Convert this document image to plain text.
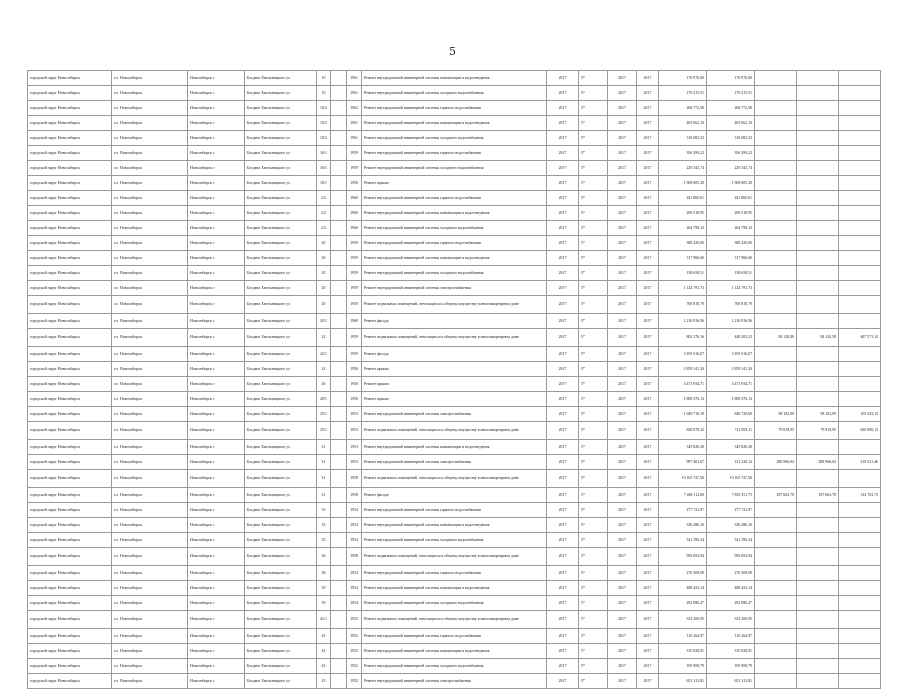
5
городской округ Новосибирск	г.о. Новосибирск	Новосибирск г	Богдана Хмельницкого ул	10		1961	Ремонт внутридомовой инженерной системы канализации и водоотведения	2017	5*	2017	2017	176 976,00	176 976,00			
городской округ Новосибирск	г.о. Новосибирск	Новосибирск г	Богдана Хмельницкого ул	10		1961	Ремонт внутридомовой инженерной системы холодного водоснабжения	2017	5*	2017	2017	170 215,51	170 215,51			
городской округ Новосибирск	г.о. Новосибирск	Новосибирск г	Богдана Хмельницкого ул	10/2		1962	Ремонт внутридомовой инженерной системы горячего водоснабжения	2017	5*	2017	2017	206 772,58	206 772,58			
городской округ Новосибирск	г.о. Новосибирск	Новосибирск г	Богдана Хмельницкого ул	10/2		1961	Ремонт внутридомовой инженерной системы канализации и водоотведения	2017	5*	2017	2017	403 862,10	403 862,10			
городской округ Новосибирск	г.о. Новосибирск	Новосибирск г	Богдана Хмельницкого ул	10/2		1961	Ремонт внутридомовой инженерной системы холодного водоснабжения	2017	5*	2017	2017	318 883,33	318 883,33			
городской округ Новосибирск	г.о. Новосибирск	Новосибирск г	Богдана Хмельницкого ул	16/1		1959	Ремонт внутридомовой инженерной системы горячего водоснабжения	2017	5*	2017	2017	356 399,22	356 399,22			
городской округ Новосибирск	г.о. Новосибирск	Новосибирск г	Богдана Хмельницкого ул	16/1		1959	Ремонт внутридомовой инженерной системы холодного водоснабжения	2017	5*	2017	2017	229 345,74	229 345,74			
городской округ Новосибирск	г.о. Новосибирск	Новосибирск г	Богдана Хмельницкого ул	18/1		1956	Ремонт крыши	2017	5*	2017	2017	1 908 005,38	1 908 005,38			
городской округ Новосибирск	г.о. Новосибирск	Новосибирск г	Богдана Хмельницкого ул	2/2		1960	Ремонт внутридомовой инженерной системы горячего водоснабжения	2017	5*	2017	2017	241 860,61	241 860,61			
городской округ Новосибирск	г.о. Новосибирск	Новосибирск г	Богдана Хмельницкого ул	2/2		1960	Ремонт внутридомовой инженерной системы канализации и водоотведения	2017	5*	2017	2017	269 518,95	269 518,95			
городской округ Новосибирск	г.о. Новосибирск	Новосибирск г	Богдана Хмельницкого ул	2/2		1960	Ремонт внутридомовой инженерной системы холодного водоснабжения	2017	5*	2017	2017	264 798,13	264 798,13			
городской округ Новосибирск	г.о. Новосибирск	Новосибирск г	Богдана Хмельницкого ул	20		1959	Ремонт внутридомовой инженерной системы горячего водоснабжения	2017	5*	2017	2017	388 420,00	388 420,00			
городской округ Новосибирск	г.о. Новосибирск	Новосибирск г	Богдана Хмельницкого ул	20		1959	Ремонт внутридомовой инженерной системы канализации и водоотведения	2017	5*	2017	2017	317 966,60	317 966,60			
городской округ Новосибирск	г.о. Новосибирск	Новосибирск г	Богдана Хмельницкого ул	20		1959	Ремонт внутридомовой инженерной системы холодного водоснабжения	2017	5*	2017	2017	158 658,51	158 658,51			
городской округ Новосибирск	г.о. Новосибирск	Новосибирск г	Богдана Хмельницкого ул	20		1959	Ремонт внутридомовой инженерной системы электроснабжения	2017	5*	2017	2017	1 124 791,73	1 124 791,73			
городской округ Новосибирск	г.о. Новосибирск	Новосибирск г	Богдана Хмельницкого ул	20		1959	Ремонт подвальных помещений, относящихся к общему имуществу в многоквартирном доме	2017	5*	2017	2017	766 818,79	766 818,79			
городской округ Новосибирск	г.о. Новосибирск	Новосибирск г	Богдана Хмельницкого ул	20/1		1960	Ремонт фасада	2017	5*	2017	2017	1 216 916,96	1 216 916,96			
городской округ Новосибирск	г.о. Новосибирск	Новосибирск г	Богдана Хмельницкого ул	22		1959	Ремонт подвальных помещений, относящихся к общему имуществу в многоквартирном доме	2017	5*	2017	2017	802 376,16	448 205,22	84 120,80	84 120,58	607 573,14
городской округ Новосибирск	г.о. Новосибирск	Новосибирск г	Богдана Хмельницкого ул	22/1		1959	Ремонт фасада	2017	5*	2017	2017	3 195 016,07	3 195 016,07			
городской округ Новосибирск	г.о. Новосибирск	Новосибирск г	Богдана Хмельницкого ул	24		1956	Ремонт крыши	2017	5*	2017	2017	2 859 141,20	2 859 141,20			
городской округ Новосибирск	г.о. Новосибирск	Новосибирск г	Богдана Хмельницкого ул	26		1956	Ремонт крыши	2017	5*	2017	2017	3 473 934,71	3 473 934,71			
городской округ Новосибирск	г.о. Новосибирск	Новосибирск г	Богдана Хмельницкого ул	28/1		1956	Ремонт крыши	2017	5*	2017	2017	1 808 376,13	1 808 376,13			
городской округ Новосибирск	г.о. Новосибирск	Новосибирск г	Богдана Хмельницкого ул	29/1		1953	Ремонт внутридомовой инженерной системы электроснабжения	2017	5*	2017	2017	1 049 716,19	848 720,69	98 102,99	98 102,99	105 343,13
городской округ Новосибирск	г.о. Новосибирск	Новосибирск г	Богдана Хмельницкого ул	29/1		1953	Ремонт подвальных помещений, относящихся к общему имуществу в многоквартирном доме	2017	5*	2017	2017	838 078,32	712 993,11	79 818,95	79 818,95	630 090,13
городской округ Новосибирск	г.о. Новосибирск	Новосибирск г	Богдана Хмельницкого ул	31		1953	Ремонт внутридомовой инженерной системы канализации и водоотведения	2017	5*	2017	2017	349 828,38	349 828,38			
городской округ Новосибирск	г.о. Новосибирск	Новосибирск г	Богдана Хмельницкого ул	31		1953	Ремонт внутридомовой инженерной системы электроснабжения	2017	5*	2017	2017	997 401,67	151 228,14	288 966,04	288 966,04	418 521,46
городской округ Новосибирск	г.о. Новосибирск	Новосибирск г	Богдана Хмельницкого ул	31		1958	Ремонт подвальных помещений, относящихся к общему имуществу в многоквартирном доме	2017	5*	2017	2017	10 165 747,56	10 165 747,56			
городской округ Новосибирск	г.о. Новосибирск	Новосибирск г	Богдана Хмельницкого ул	31		1958	Ремонт фасада	2017	5*	2017	2017	7 469 112,68	7 839 351,75	187 663,78	187 663,78	314 763,73
городской округ Новосибирск	г.о. Новосибирск	Новосибирск г	Богдана Хмельницкого ул	33		1954	Ремонт внутридомовой инженерной системы горячего водоснабжения	2017	5*	2017	2017	277 741,87	277 741,87			
городской округ Новосибирск	г.о. Новосибирск	Новосибирск г	Богдана Хмельницкого ул	33		1954	Ремонт внутридомовой инженерной системы канализации и водоотведения	2017	5*	2017	2017	336 286,16	336 286,16			
городской округ Новосибирск	г.о. Новосибирск	Новосибирск г	Богдана Хмельницкого ул	35		1954	Ремонт внутридомовой инженерной системы холодного водоснабжения	2017	5*	2017	2017	341 396,34	341 396,34			
городской округ Новосибирск	г.о. Новосибирск	Новосибирск г	Богдана Хмельницкого ул	36		1958	Ремонт подвальных помещений, относящихся к общему имуществу в многоквартирном доме	2017	5*	2017	2017	959 693,94	959 693,94			
городской округ Новосибирск	г.о. Новосибирск	Новосибирск г	Богдана Хмельницкого ул	38		1954	Ремонт внутридомовой инженерной системы горячего водоснабжения	2017	5*	2017	2017	276 369,09	276 369,09			
городской округ Новосибирск	г.о. Новосибирск	Новосибирск г	Богдана Хмельницкого ул	39		1954	Ремонт внутридомовой инженерной системы канализации и водоотведения	2017	5*	2017	2017	488 453,14	488 453,14			
городской округ Новосибирск	г.о. Новосибирск	Новосибирск г	Богдана Хмельницкого ул	39		1954	Ремонт внутридомовой инженерной системы холодного водоснабжения	2017	5*	2017	2017	292 880,47	292 880,47			
городской округ Новосибирск	г.о. Новосибирск	Новосибирск г	Богдана Хмельницкого ул	41/1		1952	Ремонт подвальных помещений, относящихся к общему имуществу в многоквартирном доме	2017	5*	2017	2017	533 206,95	533 206,95			
городской округ Новосибирск	г.о. Новосибирск	Новосибирск г	Богдана Хмельницкого ул	43		1952	Ремонт внутридомовой инженерной системы горячего водоснабжения	2017	5*	2017	2017	116 264,97	116 264,97			
городской округ Новосибирск	г.о. Новосибирск	Новосибирск г	Богдана Хмельницкого ул	43		1952	Ремонт внутридомовой инженерной системы канализации и водоотведения	2017	5*	2017	2017	310 828,91	310 828,91			
городской округ Новосибирск	г.о. Новосибирск	Новосибирск г	Богдана Хмельницкого ул	43		1952	Ремонт внутридомовой инженерной системы холодного водоснабжения	2017	5*	2017	2017	105 908,79	105 908,79			
городской округ Новосибирск	г.о. Новосибирск	Новосибирск г	Богдана Хмельницкого ул	43		1952	Ремонт внутридомовой инженерной системы электроснабжения	2017	5*	2017	2017	651 313,81	651 313,81			
